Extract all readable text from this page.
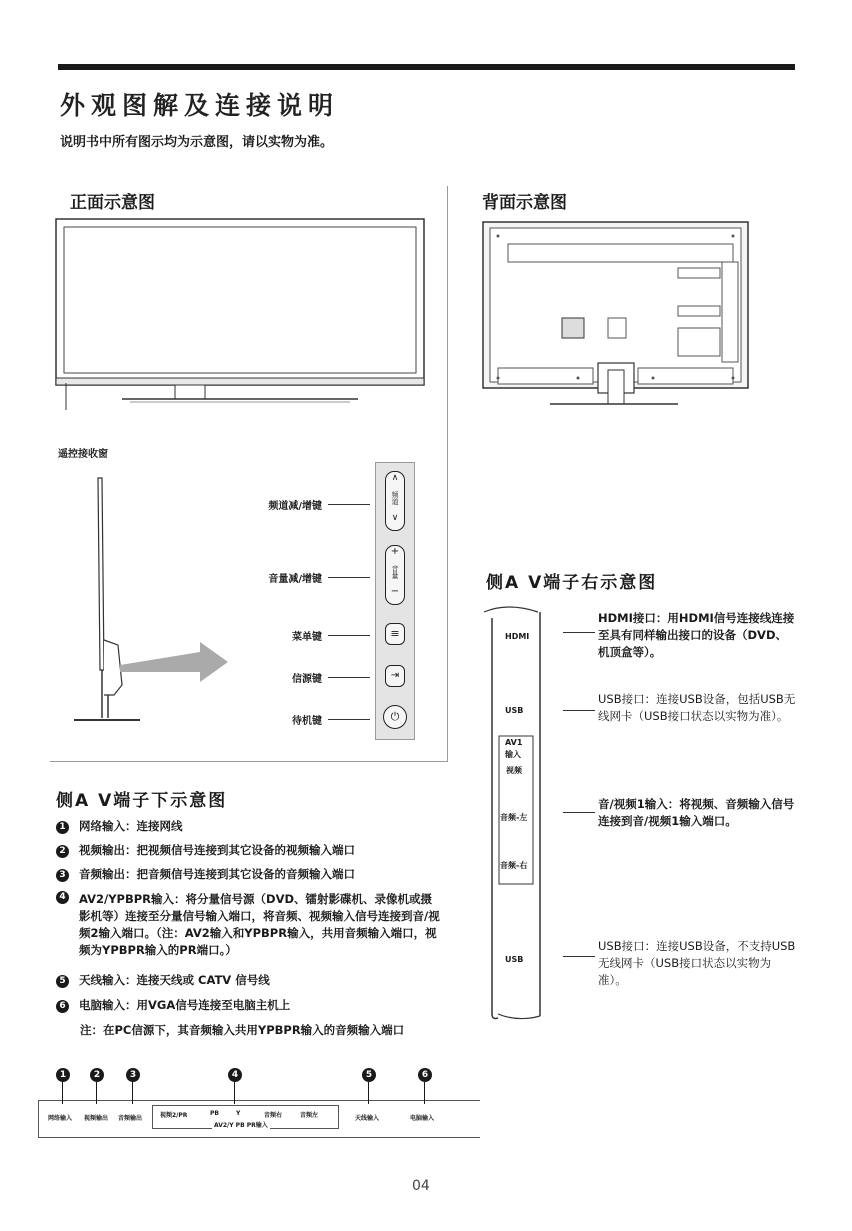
外观图解及连接说明
说明书中所有图示均为示意图，请以实物为准。
正面示意图
遥控接收窗
∧
频道
∨
+
音量
−
≡
⇥
⏻
频道减/增键
音量减/增键
菜单键
信源键
待机键
背面示意图
侧A V端子右示意图
HDMI
USB
AV1
输入
视频
音频-左
音频-右
USB
HDMI接口：用HDMI信号连接线连接至具有同样输出接口的设备（DVD、机顶盒等）。
USB接口：连接USB设备，包括USB无线网卡（USB接口状态以实物为准）。
音/视频1输入：将视频、音频输入信号连接到音/视频1输入端口。
USB接口：连接USB设备，不支持USB无线网卡（USB接口状态以实物为准）。
侧A V端子下示意图
1 网络输入：连接网线
2 视频输出：把视频信号连接到其它设备的视频输入端口
3 音频输出：把音频信号连接到其它设备的音频输入端口
4 AV2/YPBPR输入：将分量信号源（DVD、镭射影碟机、录像机或摄影机等）连接至分量信号输入端口，将音频、视频输入信号连接到音/视频2输入端口。（注：AV2输入和YPBPR输入，共用音频输入端口，视频为YPBPR输入的PR端口。）
5 天线输入：连接天线或 CATV 信号线
6 电脑输入：用VGA信号连接至电脑主机上
注：在PC信源下，其音频输入共用YPBPR输入的音频输入端口
1	2	3	4	5	6
网络输入 视频输出 音频输出	视频2/PR	PB	Y	音频右	音频左	天线输入	电脑输入
AV2/Y PB PR输入
04
